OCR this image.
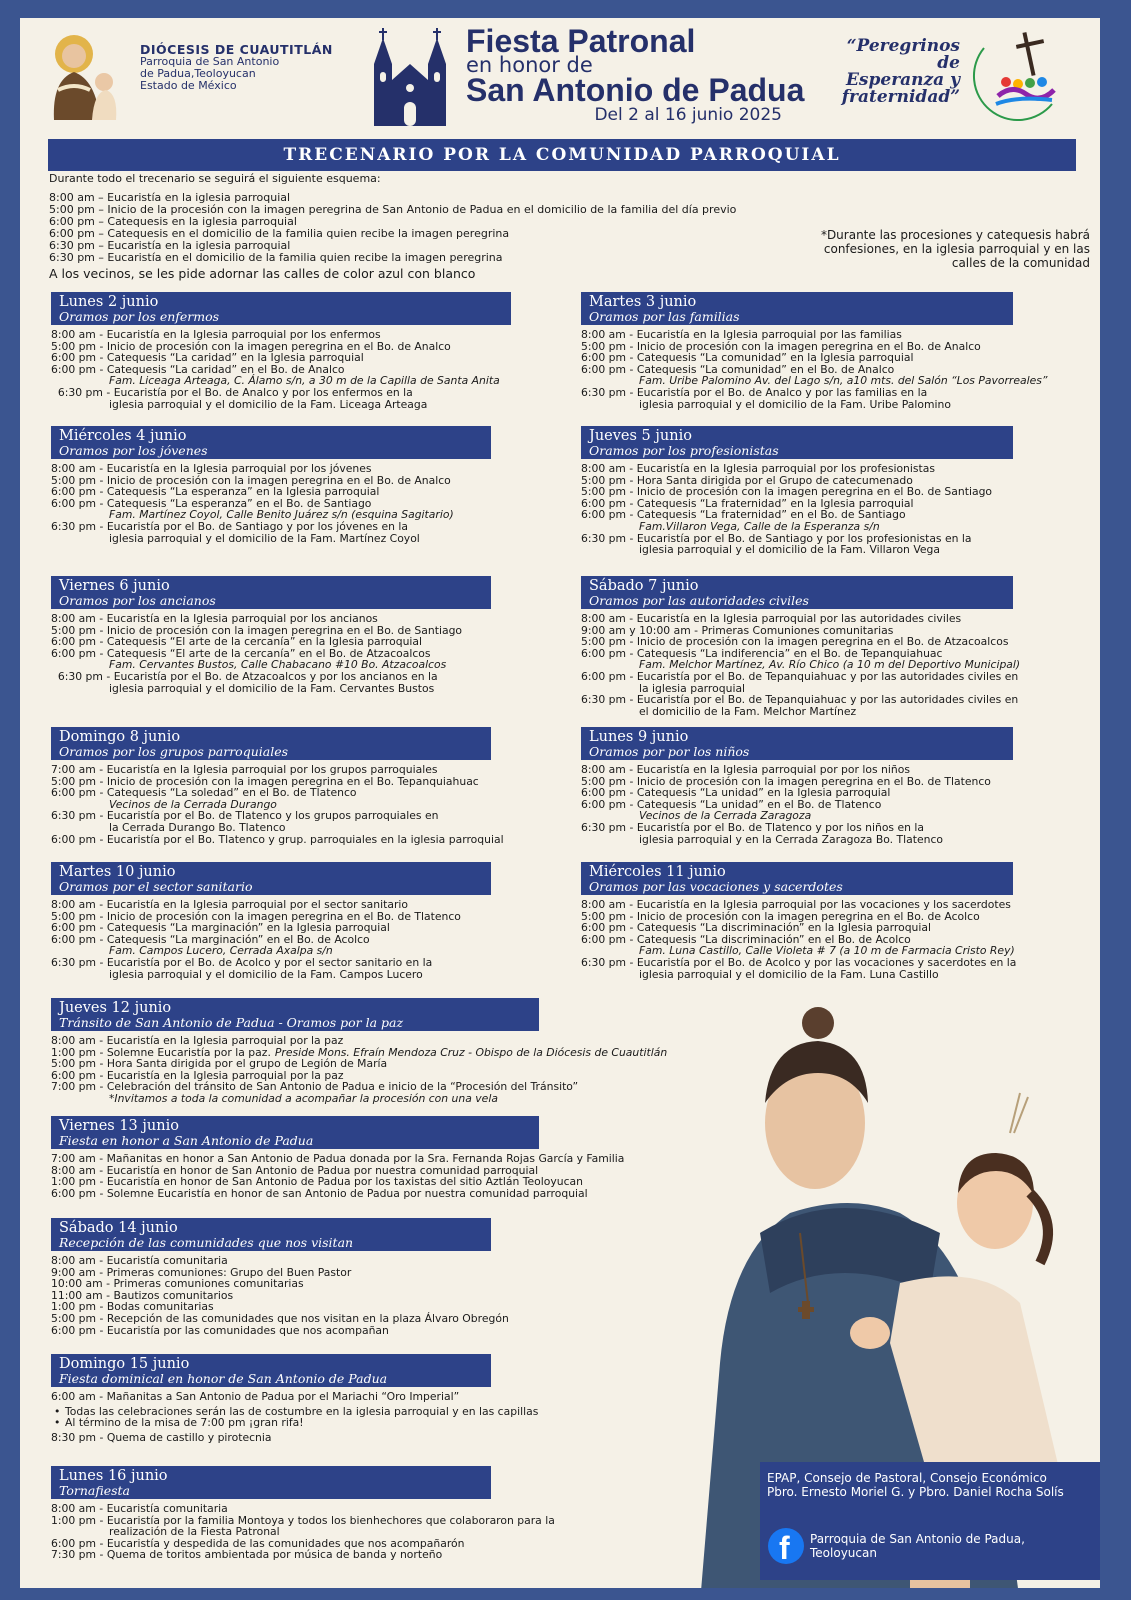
DIÓCESIS DE CUAUTITLÁN
Parroquia de San Antonio
de Padua,Teoloyucan
Estado de México
Fiesta Patronal
en honor de
San Antonio de Padua
Del 2 al 16 junio 2025
“Peregrinos de
Esperanza y
fraternidad”
TRECENARIO POR LA COMUNIDAD PARROQUIAL
Durante todo el trecenario se seguirá el siguiente esquema:
8:00 am – Eucaristía en la iglesia parroquial
5:00 pm – Inicio de la procesión con la imagen peregrina de San Antonio de Padua en el domicilio de la familia del día previo
6:00 pm – Catequesis en la iglesia parroquial
6:00 pm – Catequesis en el domicilio de la familia quien recibe la imagen peregrina
6:30 pm – Eucaristía en la iglesia parroquial
6:30 pm – Eucaristía en el domicilio de la familia quien recibe la imagen peregrina
A los vecinos, se les pide adornar las calles de color azul con blanco
*Durante las procesiones y catequesis habrá
confesiones, en la iglesia parroquial y en las
calles de la comunidad
EPAP, Consejo de Pastoral, Consejo Económico
Pbro. Ernesto Moriel G. y Pbro. Daniel Rocha Solís
f Parroquia de San Antonio de Padua,
Teoloyucan
Lunes 2 junio
Oramos por los enfermos
8:00 am - Eucaristía en la Iglesia parroquial por los enfermos
5:00 pm - Inicio de procesión con la imagen peregrina en el Bo. de Analco
6:00 pm - Catequesis “La caridad” en la Iglesia parroquial
6:00 pm - Catequesis “La caridad” en el Bo. de Analco
Fam. Liceaga Arteaga, C. Álamo s/n, a 30 m de la Capilla de Santa Anita
6:30 pm - Eucaristía por el Bo. de Analco y por los enfermos en la
iglesia parroquial y el domicilio de la Fam. Liceaga Arteaga
Martes 3 junio
Oramos por las familias
8:00 am - Eucaristía en la Iglesia parroquial por las familias
5:00 pm - Inicio de procesión con la imagen peregrina en el Bo. de Analco
6:00 pm - Catequesis “La comunidad” en la Iglesia parroquial
6:00 pm - Catequesis “La comunidad” en el Bo. de Analco
Fam. Uribe Palomino Av. del Lago s/n, a10 mts. del Salón “Los Pavorreales”
6:30 pm - Eucaristía por el Bo. de Analco y por las familias en la
iglesia parroquial y el domicilio de la Fam. Uribe Palomino
Miércoles 4 junio
Oramos por los jóvenes
8:00 am - Eucaristía en la Iglesia parroquial por los jóvenes
5:00 pm - Inicio de procesión con la imagen peregrina en el Bo. de Analco
6:00 pm - Catequesis “La esperanza” en la Iglesia parroquial
6:00 pm - Catequesis “La esperanza” en el Bo. de Santiago
Fam. Martínez Coyol, Calle Benito Juárez s/n (esquina Sagitario)
6:30 pm - Eucaristía por el Bo. de Santiago y por los jóvenes en la
iglesia parroquial y el domicilio de la Fam. Martínez Coyol
Jueves 5 junio
Oramos por los profesionistas
8:00 am - Eucaristía en la Iglesia parroquial por los profesionistas
5:00 pm - Hora Santa dirigida por el Grupo de catecumenado
5:00 pm - Inicio de procesión con la imagen peregrina en el Bo. de Santiago
6:00 pm - Catequesis “La fraternidad” en la Iglesia parroquial
6:00 pm - Catequesis “La fraternidad” en el Bo. de Santiago
Fam.Villaron Vega, Calle de la Esperanza s/n
6:30 pm - Eucaristía por el Bo. de Santiago y por los profesionistas en la
iglesia parroquial y el domicilio de la Fam. Villaron Vega
Viernes 6 junio
Oramos por los ancianos
8:00 am - Eucaristía en la Iglesia parroquial por los ancianos
5:00 pm - Inicio de procesión con la imagen peregrina en el Bo. de Santiago
6:00 pm - Catequesis “El arte de la cercanía” en la Iglesia parroquial
6:00 pm - Catequesis “El arte de la cercanía” en el Bo. de Atzacoalcos
Fam. Cervantes Bustos, Calle Chabacano #10 Bo. Atzacoalcos
6:30 pm - Eucaristía por el Bo. de Atzacoalcos y por los ancianos en la
iglesia parroquial y el domicilio de la Fam. Cervantes Bustos
Sábado 7 junio
Oramos por las autoridades civiles
8:00 am - Eucaristía en la Iglesia parroquial por las autoridades civiles
9:00 am y 10:00 am - Primeras Comuniones comunitarias
5:00 pm - Inicio de procesión con la imagen peregrina en el Bo. de Atzacoalcos
6:00 pm - Catequesis “La indiferencia” en el Bo. de Tepanquiahuac
Fam. Melchor Martínez, Av. Río Chico (a 10 m del Deportivo Municipal)
6:00 pm - Eucaristía por el Bo. de Tepanquiahuac y por las autoridades civiles en
la iglesia parroquial
6:30 pm - Eucaristía por el Bo. de Tepanquiahuac y por las autoridades civiles en
el domicilio de la Fam. Melchor Martínez
Domingo 8 junio
Oramos por los grupos parroquiales
7:00 am - Eucaristía en la Iglesia parroquial por los grupos parroquiales
5:00 pm - Inicio de procesión con la imagen peregrina en el Bo. Tepanquiahuac
6:00 pm - Catequesis “La soledad” en el Bo. de Tlatenco
Vecinos de la Cerrada Durango
6:30 pm - Eucaristía por el Bo. de Tlatenco y los grupos parroquiales en
la Cerrada Durango Bo. Tlatenco
6:00 pm - Eucaristía por el Bo. Tlatenco y grup. parroquiales en la iglesia parroquial
Lunes 9 junio
Oramos por por los niños
8:00 am - Eucaristía en la Iglesia parroquial por por los niños
5:00 pm - Inicio de procesión con la imagen peregrina en el Bo. de Tlatenco
6:00 pm - Catequesis “La unidad” en la Iglesia parroquial
6:00 pm - Catequesis “La unidad” en el Bo. de Tlatenco
Vecinos de la Cerrada Zaragoza
6:30 pm - Eucaristía por el Bo. de Tlatenco y por los niños en la
iglesia parroquial y en la Cerrada Zaragoza Bo. Tlatenco
Martes 10 junio
Oramos por el sector sanitario
8:00 am - Eucaristía en la Iglesia parroquial por el sector sanitario
5:00 pm - Inicio de procesión con la imagen peregrina en el Bo. de Tlatenco
6:00 pm - Catequesis “La marginación” en la Iglesia parroquial
6:00 pm - Catequesis “La marginación” en el Bo. de Acolco
Fam. Campos Lucero, Cerrada Axalpa s/n
6:30 pm - Eucaristía por el Bo. de Acolco y por el sector sanitario en la
iglesia parroquial y el domicilio de la Fam. Campos Lucero
Miércoles 11 junio
Oramos por las vocaciones y sacerdotes
8:00 am - Eucaristía en la Iglesia parroquial por las vocaciones y los sacerdotes
5:00 pm - Inicio de procesión con la imagen peregrina en el Bo. de Acolco
6:00 pm - Catequesis “La discriminación” en la Iglesia parroquial
6:00 pm - Catequesis “La discriminación” en el Bo. de Acolco
Fam. Luna Castillo, Calle Violeta # 7 (a 10 m de Farmacia Cristo Rey)
6:30 pm - Eucaristía por el Bo. de Acolco y por las vocaciones y sacerdotes en la
iglesia parroquial y el domicilio de la Fam. Luna Castillo
Jueves 12 junio
Tránsito de San Antonio de Padua - Oramos por la paz
8:00 am - Eucaristía en la Iglesia parroquial por la paz
1:00 pm - Solemne Eucaristía por la paz. Preside Mons. Efraín Mendoza Cruz - Obispo de la Diócesis de Cuautitlán
5:00 pm - Hora Santa dirigida por el grupo de Legión de María
6:00 pm - Eucaristía en la Iglesia parroquial por la paz
7:00 pm - Celebración del tránsito de San Antonio de Padua e inicio de la “Procesión del Tránsito”
*Invitamos a toda la comunidad a acompañar la procesión con una vela
Viernes 13 junio
Fiesta en honor a San Antonio de Padua
7:00 am - Mañanitas en honor a San Antonio de Padua donada por la Sra. Fernanda Rojas García y Familia
8:00 am - Eucaristía en honor de San Antonio de Padua por nuestra comunidad parroquial
1:00 pm - Eucaristía en honor de San Antonio de Padua por los taxistas del sitio Aztlán Teoloyucan
6:00 pm - Solemne Eucaristía en honor de san Antonio de Padua por nuestra comunidad parroquial
Sábado 14 junio
Recepción de las comunidades que nos visitan
8:00 am - Eucaristía comunitaria
9:00 am - Primeras comuniones: Grupo del Buen Pastor
10:00 am - Primeras comuniones comunitarias
11:00 am - Bautizos comunitarios
1:00 pm - Bodas comunitarias
5:00 pm - Recepción de las comunidades que nos visitan en la plaza Álvaro Obregón
6:00 pm - Eucaristía por las comunidades que nos acompañan
Domingo 15 junio
Fiesta dominical en honor de San Antonio de Padua
6:00 am - Mañanitas a San Antonio de Padua por el Mariachi “Oro Imperial”
• Todas las celebraciones serán las de costumbre en la iglesia parroquial y en las capillas
• Al término de la misa de 7:00 pm ¡gran rifa!
8:30 pm - Quema de castillo y pirotecnia
Lunes 16 junio
Tornafiesta
8:00 am - Eucaristía comunitaria
1:00 pm - Eucaristía por la familia Montoya y todos los bienhechores que colaboraron para la
realización de la Fiesta Patronal
6:00 pm - Eucaristía y despedida de las comunidades que nos acompañarón
7:30 pm - Quema de toritos ambientada por música de banda y norteño
